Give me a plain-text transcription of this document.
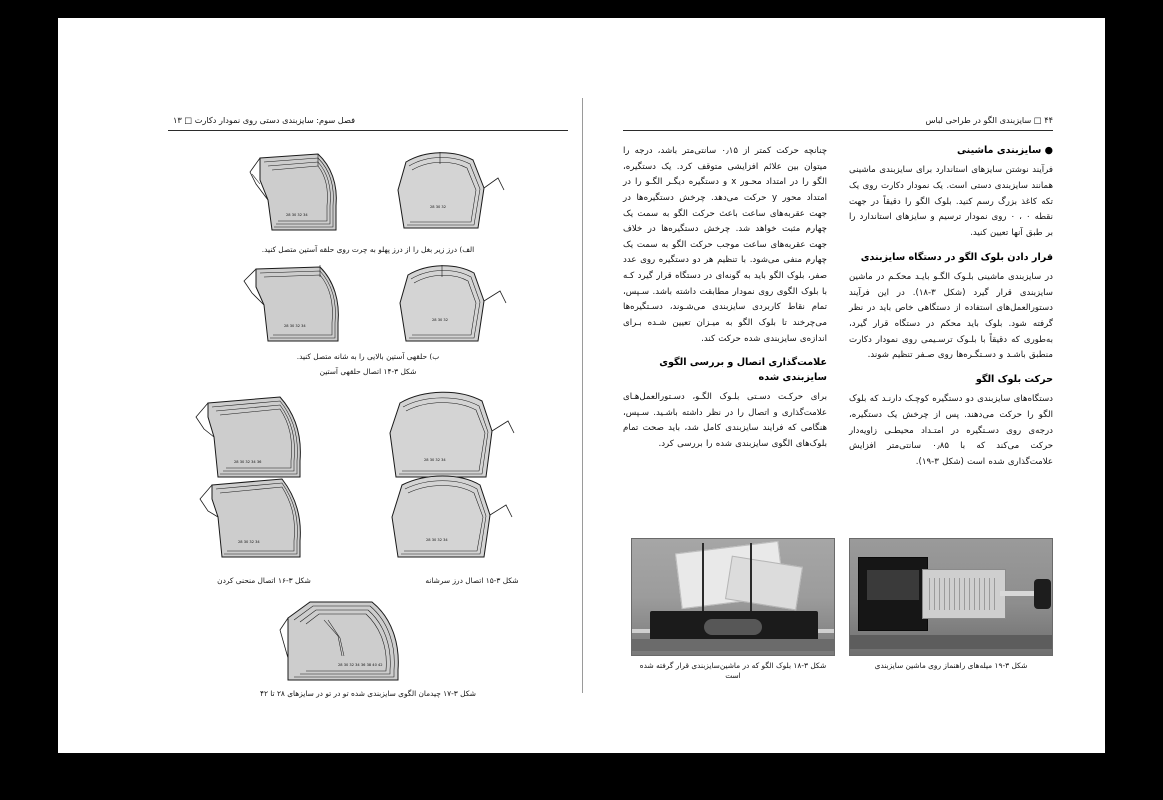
فصل سوم: سایزبندی دستی روی نمودار دکارت □ ۱۳
28 30 32 34
28 30 32
الف) درز زیر بغل را از درز پهلو به چرت روی حلقه آستین متصل کنید.
28 30 32 34
28 30 32
ب) حلقهی آستین بالایی را به شانه متصل کنید.
شکل ۳-۱۴ اتصال حلقهی آستین
28 30 32 34 36	28 30 32 34
28 30 32 34	28 30 32 34
شکل ۳-۱۶ اتصال منحنی کردن	شکل ۳-۱۵ اتصال درز سرشانه
28 30 32 34 36 38 40 42
شکل ۳-۱۷ چیدمان الگوی سایزبندی شده تو در تو در سایزهای ۲۸ تا ۴۲
۴۴ □ سایزبندی الگو در طراحی لباس
● سایزبندی ماشینی

فرآیند نوشتن سایزهای استاندارد برای سایزبندی ماشینی همانند سایزبندی دستی است. یک نمودار دکارت روی یک تکه کاغذ بزرگ رسم کنید. بلوک الگو را دقیقاً در جهت نقطه ۰ ، ۰ روی نمودار ترسیم و سایزهای استاندارد را بر طبق آنها تعیین کنید.

قرار دادن بلوک الگو در دستگاه سایزبندی

در سایزبندی ماشینی بلـوک الگـو بایـد محکـم در ماشین سایزبندی قرار گیرد (شکل ۳-۱۸). در این فرآیند دستورالعمل‌های استفاده از دستگاهی خاص باید در نظر گرفته شود. بلوک باید محکم در دستگاه قرار گیرد، به‌طوری که دقیقاً با بلـوک ترسـیمی روی نمودار دکارت منطبق باشـد و دسـتگـره‌ها روی صـفر تنظیم شوند.

حرکت بلوک الگو

دستگاه‌های سایزبندی دو دستگیره کوچـک دارنـد که بلوک الگو را حرکت می‌دهند. پس از چرخش یک دستگیره، درجه‌ی روی دسـتگیره در امتـداد محیطـی زاویه‌دار حرکت می‌کند که با ۰٫۸۵ سانتی‌متر افزایش علامت‌گذاری شده است (شکل ۳-۱۹).

چنانچه حرکت کمتر از ۰٫۱۵ سانتی‌متر باشد، درجه را میتوان بین علائم افزایشی متوقف کرد. یک دستگیره، الگو را در امتداد محـور x و دستگیره دیگـر الگـو را در امتداد محور y حرکت می‌دهد. چرخش دستگیره‌ها در جهت عقربه‌های ساعت باعث حرکت الگو به سمت یک چهارم مثبت خواهد شد. چرخش دستگیره‌ها در خلاف جهت عقربه‌های ساعت موجب حرکت الگو به سمت یک چهارم منفی می‌شود. با تنظیم هر دو دستگیره روی عدد صفر، بلوک الگو باید به گونه‌ای در دستگاه قرار گیرد کـه با بلوک الگوی روی نمودار مطابقت داشته باشد. سـپس، تمام نقاط کاربردی سایزبندی می‌شـوند، دسـتگیره‌ها می‌چرخند تا بلوک الگو به میـزان تعیین شـده بـرای اندازه‌ی سایزبندی شده حرکت کند.

علامت‌گذاری اتصال و بررسی الگوی سایزبندی شده

برای حرکـت دسـتی بلـوک الگـو، دسـتورالعمل‌هـای علامت‌گذاری و اتصال را در نظر داشته باشـید. سـپس، هنگامی که فرایند سایزبندی کامل شد، باید صحت تمام بلوک‌های الگوی سایزبندی شده را بررسی کرد.

شکل ۳-۱۹ میله‌های راهنماز روی ماشین سایزبندی
شکل ۳-۱۸ بلوک الگو که در ماشین‌سایزبندی قرار گرفته شده است
